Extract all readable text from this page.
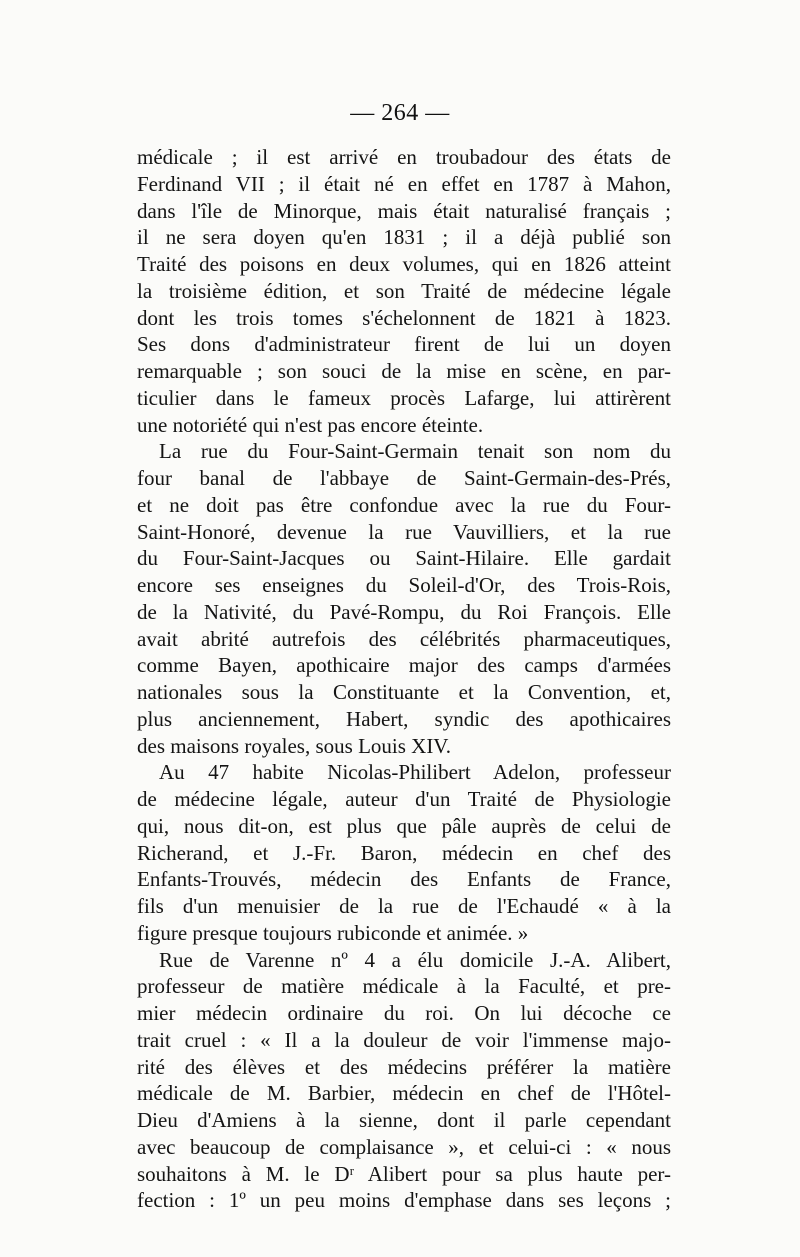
— 264 —
médicale ; il est arrivé en troubadour des états de
Ferdinand VII ; il était né en effet en 1787 à Mahon,
dans l'île de Minorque, mais était naturalisé français ;
il ne sera doyen qu'en 1831 ; il a déjà publié son
Traité des poisons en deux volumes, qui en 1826 atteint
la troisième édition, et son Traité de médecine légale
dont les trois tomes s'échelonnent de 1821 à 1823.
Ses dons d'administrateur firent de lui un doyen
remarquable ; son souci de la mise en scène, en par-
ticulier dans le fameux procès Lafarge, lui attirèrent
une notoriété qui n'est pas encore éteinte.
La rue du Four-Saint-Germain tenait son nom du
four banal de l'abbaye de Saint-Germain-des-Prés,
et ne doit pas être confondue avec la rue du Four-
Saint-Honoré, devenue la rue Vauvilliers, et la rue
du Four-Saint-Jacques ou Saint-Hilaire. Elle gardait
encore ses enseignes du Soleil-d'Or, des Trois-Rois,
de la Nativité, du Pavé-Rompu, du Roi François. Elle
avait abrité autrefois des célébrités pharmaceutiques,
comme Bayen, apothicaire major des camps d'armées
nationales sous la Constituante et la Convention, et,
plus anciennement, Habert, syndic des apothicaires
des maisons royales, sous Louis XIV.
Au 47 habite Nicolas-Philibert Adelon, professeur
de médecine légale, auteur d'un Traité de Physiologie
qui, nous dit-on, est plus que pâle auprès de celui de
Richerand, et J.-Fr. Baron, médecin en chef des
Enfants-Trouvés, médecin des Enfants de France,
fils d'un menuisier de la rue de l'Echaudé « à la
figure presque toujours rubiconde et animée. »
Rue de Varenne nº 4 a élu domicile J.-A. Alibert,
professeur de matière médicale à la Faculté, et pre-
mier médecin ordinaire du roi. On lui décoche ce
trait cruel : « Il a la douleur de voir l'immense majo-
rité des élèves et des médecins préférer la matière
médicale de M. Barbier, médecin en chef de l'Hôtel-
Dieu d'Amiens à la sienne, dont il parle cependant
avec beaucoup de complaisance », et celui-ci : « nous
souhaitons à M. le Dʳ Alibert pour sa plus haute per-
fection : 1º un peu moins d'emphase dans ses leçons ;
